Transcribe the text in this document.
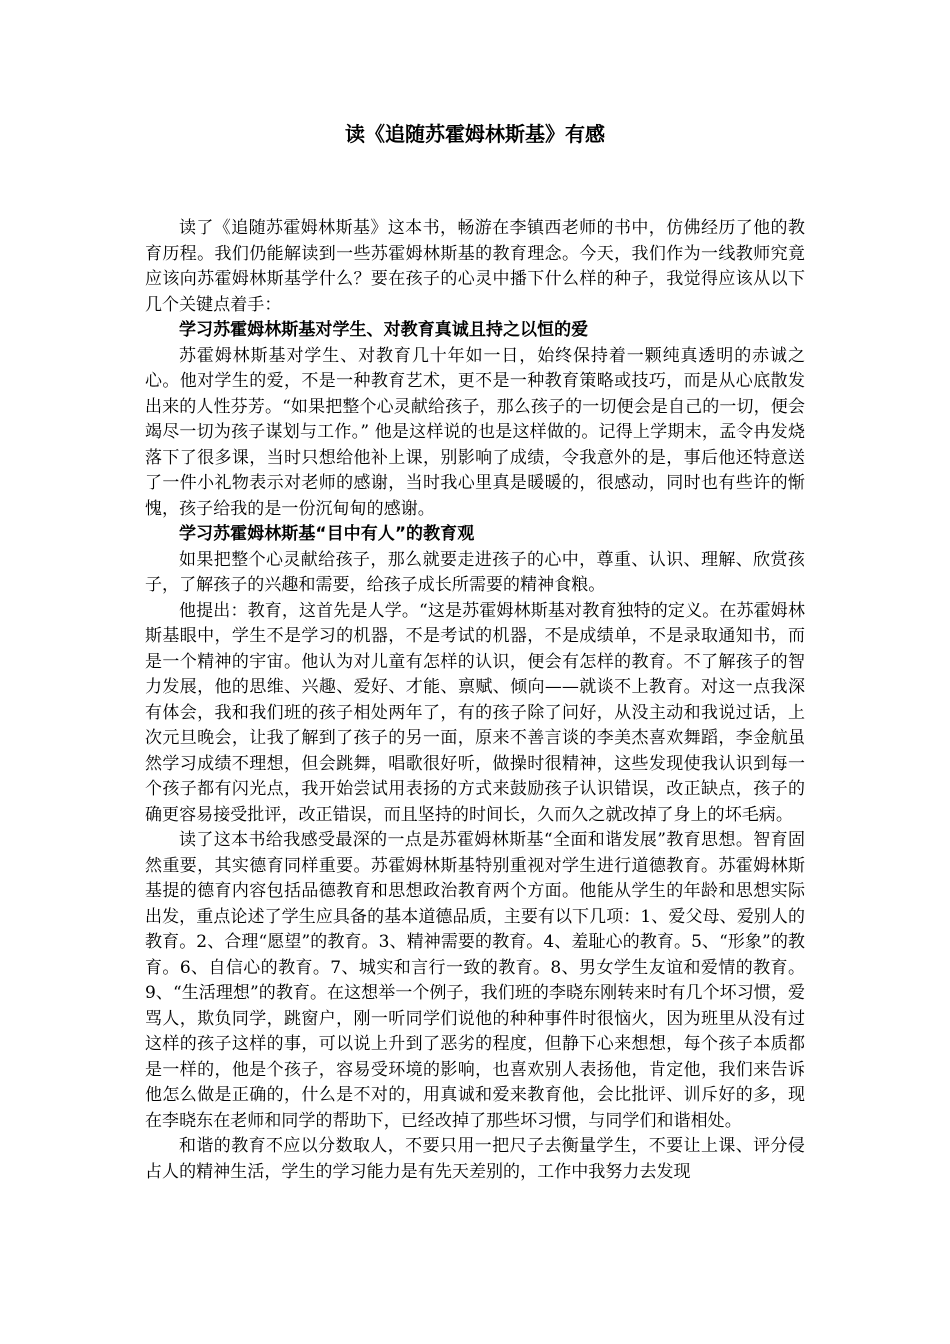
读《追随苏霍姆林斯基》有感

读了《追随苏霍姆林斯基》这本书，畅游在李镇西老师的书中，仿佛经历了他的教育历程。我们仍能解读到一些苏霍姆林斯基的教育理念。今天，我们作为一线教师究竟应该向苏霍姆林斯基学什么？要在孩子的心灵中播下什么样的种子，我觉得应该从以下几个关键点着手：

学习苏霍姆林斯基对学生、对教育真诚且持之以恒的爱

苏霍姆林斯基对学生、对教育几十年如一日，始终保持着一颗纯真透明的赤诚之心。他对学生的爱，不是一种教育艺术，更不是一种教育策略或技巧，而是从心底散发出来的人性芬芳。“如果把整个心灵献给孩子，那么孩子的一切便会是自己的一切，便会竭尽一切为孩子谋划与工作。” 他是这样说的也是这样做的。记得上学期末，孟令冉发烧落下了很多课，当时只想给他补上课，别影响了成绩，令我意外的是，事后他还特意送了一件小礼物表示对老师的感谢，当时我心里真是暖暖的，很感动，同时也有些许的惭愧，孩子给我的是一份沉甸甸的感谢。

学习苏霍姆林斯基“目中有人”的教育观

如果把整个心灵献给孩子，那么就要走进孩子的心中，尊重、认识、理解、欣赏孩子，了解孩子的兴趣和需要，给孩子成长所需要的精神食粮。

他提出：教育，这首先是人学。“这是苏霍姆林斯基对教育独特的定义。在苏霍姆林斯基眼中，学生不是学习的机器，不是考试的机器，不是成绩单，不是录取通知书，而是一个精神的宇宙。他认为对儿童有怎样的认识，便会有怎样的教育。不了解孩子的智力发展，他的思维、兴趣、爱好、才能、禀赋、倾向——就谈不上教育。对这一点我深有体会，我和我们班的孩子相处两年了，有的孩子除了问好，从没主动和我说过话，上次元旦晚会，让我了解到了孩子的另一面，原来不善言谈的李美杰喜欢舞蹈，李金航虽然学习成绩不理想，但会跳舞，唱歌很好听，做操时很精神，这些发现使我认识到每一个孩子都有闪光点，我开始尝试用表扬的方式来鼓励孩子认识错误，改正缺点，孩子的确更容易接受批评，改正错误，而且坚持的时间长，久而久之就改掉了身上的坏毛病。

读了这本书给我感受最深的一点是苏霍姆林斯基“全面和谐发展”教育思想。智育固然重要，其实德育同样重要。苏霍姆林斯基特别重视对学生进行道德教育。苏霍姆林斯基提的德育内容包括品德教育和思想政治教育两个方面。他能从学生的年龄和思想实际出发，重点论述了学生应具备的基本道德品质，主要有以下几项：1、爱父母、爱别人的教育。2、合理“愿望”的教育。3、精神需要的教育。4、羞耻心的教育。5、“形象”的教育。6、自信心的教育。7、城实和言行一致的教育。8、男女学生友谊和爱情的教育。9、“生活理想”的教育。在这想举一个例子，我们班的李晓东刚转来时有几个坏习惯，爱骂人，欺负同学，跳窗户，刚一听同学们说他的种种事件时很恼火，因为班里从没有过这样的孩子这样的事，可以说上升到了恶劣的程度，但静下心来想想，每个孩子本质都是一样的，他是个孩子，容易受环境的影响，也喜欢别人表扬他，肯定他，我们来告诉他怎么做是正确的，什么是不对的，用真诚和爱来教育他，会比批评、训斥好的多，现在李晓东在老师和同学的帮助下，已经改掉了那些坏习惯，与同学们和谐相处。

和谐的教育不应以分数取人，不要只用一把尺子去衡量学生，不要让上课、评分侵占人的精神生活，学生的学习能力是有先天差别的，工作中我努力去发现
